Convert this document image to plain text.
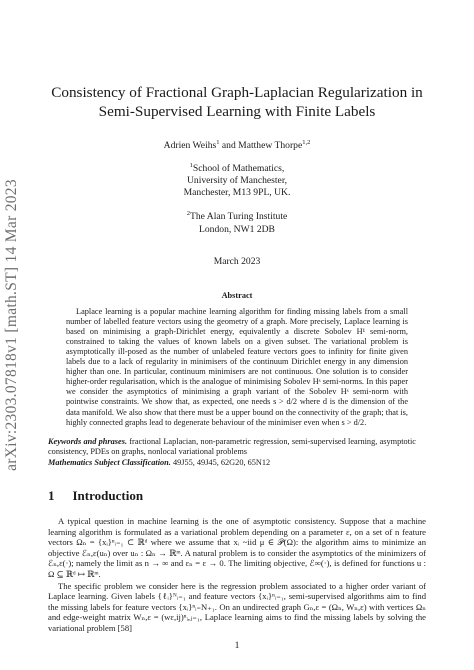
arXiv:2303.07818v1 [math.ST] 14 Mar 2023
Consistency of Fractional Graph-Laplacian Regularization in
Semi-Supervised Learning with Finite Labels
Adrien Weihs$^1$ and Matthew Thorpe$^{1,2}$
$^1$School of Mathematics,
University of Manchester,
Manchester, M13 9PL, UK.
$^2$The Alan Turing Institute
London, NW1 2DB
March 2023
Abstract
Laplace learning is a popular machine learning algorithm for finding missing labels from a small number of labelled feature vectors using the geometry of a graph. More precisely, Laplace learning is based on minimising a graph-Dirichlet energy, equivalently a discrete Sobolev H¹ semi-norm, constrained to taking the values of known labels on a given subset. The variational problem is asymptotically ill-posed as the number of unlabeled feature vectors goes to infinity for finite given labels due to a lack of regularity in minimisers of the continuum Dirichlet energy in any dimension higher than one. In particular, continuum minimisers are not continuous. One solution is to consider higher-order regularisation, which is the analogue of minimising Sobolev Hˢ semi-norms. In this paper we consider the asymptotics of minimising a graph variant of the Sobolev Hˢ semi-norm with pointwise constraints. We show that, as expected, one needs s > d/2 where d is the dimension of the data manifold. We also show that there must be a upper bound on the connectivity of the graph; that is, highly connected graphs lead to degenerate behaviour of the minimiser even when s > d/2.
Keywords and phrases. fractional Laplacian, non-parametric regression, semi-supervised learning, asymptotic consistency, PDEs on graphs, nonlocal variational problems
Mathematics Subject Classification. 49J55, 49J45, 62G20, 65N12
1 Introduction
A typical question in machine learning is the one of asymptotic consistency. Suppose that a machine learning algorithm is formulated as a variational problem depending on a parameter ε, on a set of n feature vectors Ωₙ = {xᵢ}ⁿᵢ₌₁ ⊂ ℝᵈ where we assume that xᵢ ~iid μ ∈ 𝒫(Ω): the algorithm aims to minimize an objective ℰₙ,ε(uₙ) over uₙ : Ωₙ → ℝᵐ. A natural problem is to consider the asymptotics of the minimizers of ℰₙ,ε(·); namely the limit as n → ∞ and εₙ = ε → 0. The limiting objective, ℰ∞(·), is defined for functions u : Ω ⊆ ℝᵈ ↦ ℝᵐ.
The specific problem we consider here is the regression problem associated to a higher order variant of Laplace learning. Given labels {ℓᵢ}ᴺᵢ₌₁ and feature vectors {xᵢ}ⁿᵢ₌₁, semi-supervised algorithms aim to find the missing labels for feature vectors {xᵢ}ⁿᵢ₌N₊₁. On an undirected graph Gₙ,ε = (Ωₙ, Wₙ,ε) with vertices Ωₙ and edge-weight matrix Wₙ,ε = (wε,ij)ⁿᵢ,ⱼ₌₁, Laplace learning aims to find the missing labels by solving the variational problem [58]
1
